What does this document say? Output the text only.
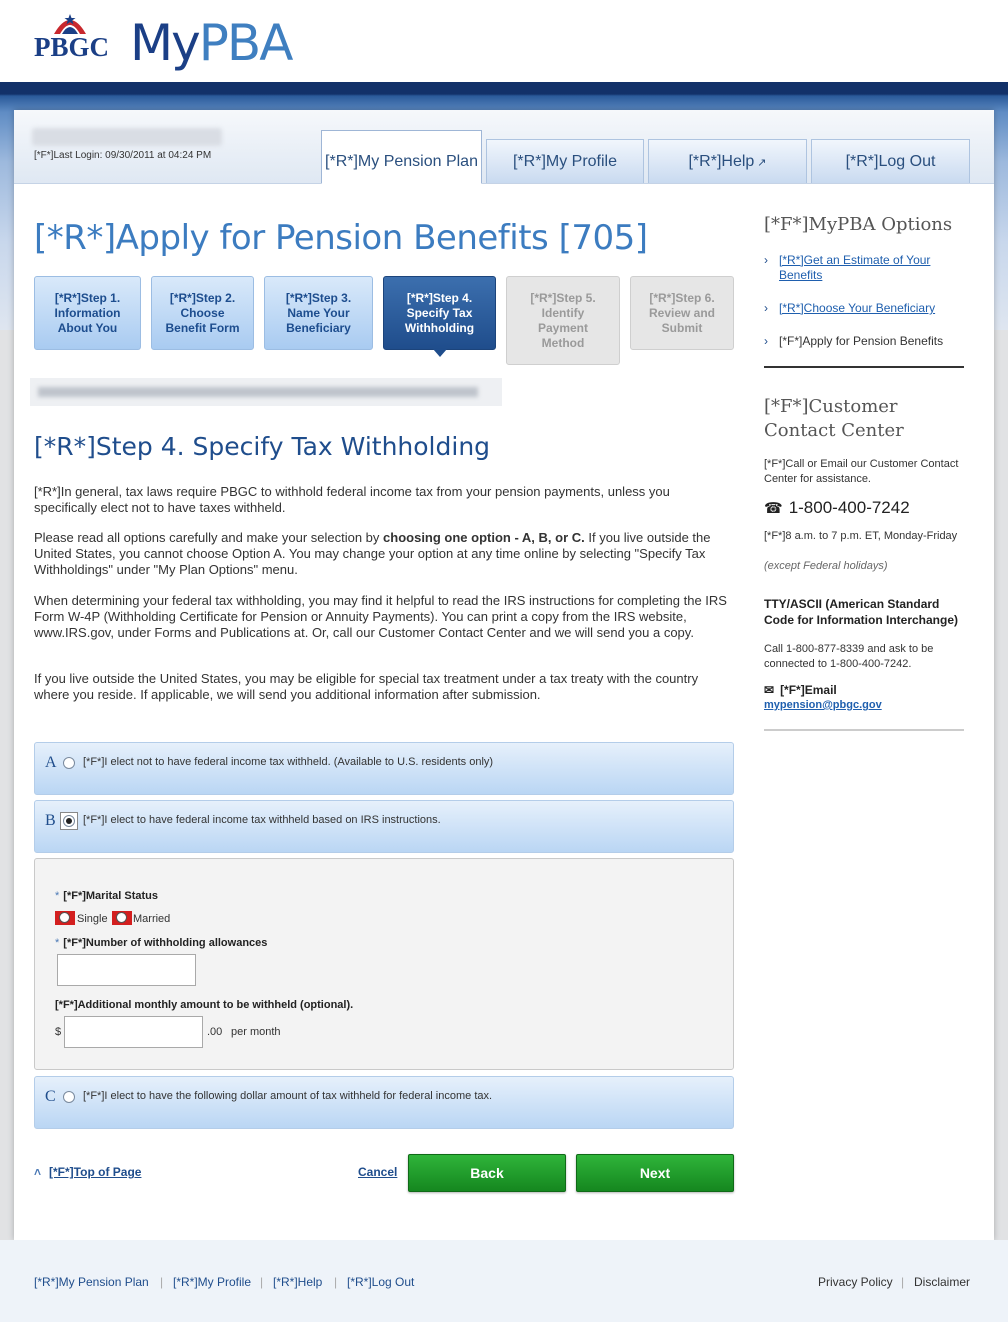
PBGC MyPBA
[*F*]Last Login: 09/30/2011 at 04:24 PM	[*R*]My Pension Plan	[*R*]My Profile	[*R*]Help ↗	[*R*]Log Out
[*R*]Apply for Pension Benefits [705]
[*R*]Step 1.
Information
About You
[*R*]Step 2.
Choose
Benefit Form
[*R*]Step 3.
Name Your
Beneficiary
[*R*]Step 4.
Specify Tax
Withholding
[*R*]Step 5.
Identify
Payment
Method
[*R*]Step 6.
Review and
Submit
[*R*]Step 4. Specify Tax Withholding
[*R*]In general, tax laws require PBGC to withhold federal income tax from your pension payments, unless you specifically elect not to have taxes withheld.
Please read all options carefully and make your selection by choosing one option - A, B, or C. If you live outside the United States, you cannot choose Option A. You may change your option at any time online by selecting "Specify Tax Withholdings" under "My Plan Options" menu.
When determining your federal tax withholding, you may find it helpful to read the IRS instructions for completing the IRS Form W-4P (Withholding Certificate for Pension or Annuity Payments). You can print a copy from the IRS website, www.IRS.gov, under Forms and Publications at. Or, call our Customer Contact Center and we will send you a copy.
If you live outside the United States, you may be eligible for special tax treatment under a tax treaty with the country where you reside. If applicable, we will send you additional information after submission.
A [*F*]I elect not to have federal income tax withheld. (Available to U.S. residents only)
B [*F*]I elect to have federal income tax withheld based on IRS instructions.
* [*F*]Marital Status
Single Married
* [*F*]Number of withholding allowances
[*F*]Additional monthly amount to be withheld (optional).
$	.00 per month
C [*F*]I elect to have the following dollar amount of tax withheld for federal income tax.
˄ [*F*]Top of Page	Cancel	Back	Next
[*F*]MyPBA Options
› [*R*]Get an Estimate of Your Benefits
› [*R*]Choose Your Beneficiary
› [*F*]Apply for Pension Benefits
[*F*]Customer
Contact Center
[*F*]Call or Email our Customer Contact Center for assistance.
☎ 1-800-400-7242
[*F*]8 a.m. to 7 p.m. ET, Monday-Friday
(except Federal holidays)
TTY/ASCII (American Standard Code for Information Interchange)
Call 1-800-877-8339 and ask to be connected to 1-800-400-7242.
✉ [*F*]Email
mypension@pbgc.gov
[*R*]My Pension Plan | [*R*]My Profile | [*R*]Help | [*R*]Log Out	Privacy Policy | Disclaimer
